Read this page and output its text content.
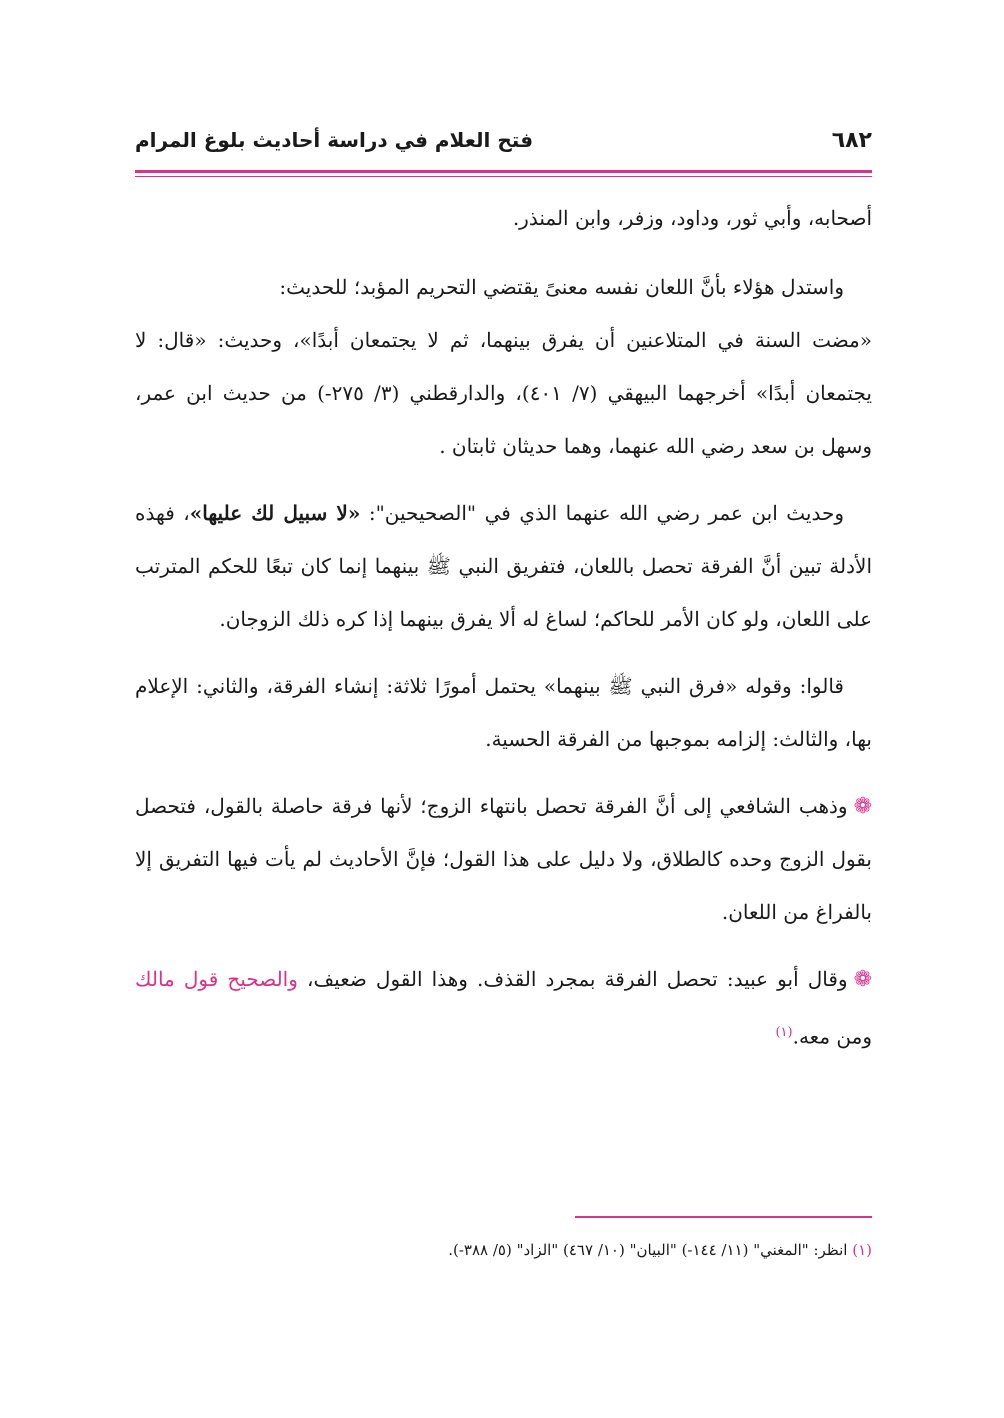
٦٨٢
فتح العلام في دراسة أحاديث بلوغ المرام

أصحابه، وأبي ثور، وداود، وزفر، وابن المنذر.

واستدل هؤلاء بأنَّ اللعان نفسه معنىً يقتضي التحريم المؤبد؛ للحديث:
«مضت السنة في المتلاعنين أن يفرق بينهما، ثم لا يجتمعان أبدًا»، وحديث: «قال: لا يجتمعان أبدًا» أخرجهما البيهقي (٧/ ٤٠١)، والدارقطني (٣/ ٢٧٥-) من حديث ابن عمر، وسهل بن سعد رضي الله عنهما، وهما حديثان ثابتان .

وحديث ابن عمر رضي الله عنهما الذي في "الصحيحين": «لا سبيل لك عليها»، فهذه الأدلة تبين أنَّ الفرقة تحصل باللعان، فتفريق النبي ﷺ بينهما إنما كان تبعًا للحكم المترتب على اللعان، ولو كان الأمر للحاكم؛ لساغ له ألا يفرق بينهما إذا كره ذلك الزوجان.

قالوا: وقوله «فرق النبي ﷺ بينهما» يحتمل أمورًا ثلاثة: إنشاء الفرقة، والثاني: الإعلام بها، والثالث: إلزامه بموجبها من الفرقة الحسية.

❁وذهب الشافعي إلى أنَّ الفرقة تحصل بانتهاء الزوج؛ لأنها فرقة حاصلة بالقول، فتحصل بقول الزوج وحده كالطلاق، ولا دليل على هذا القول؛ فإنَّ الأحاديث لم يأت فيها التفريق إلا بالفراغ من اللعان.

❁وقال أبو عبيد: تحصل الفرقة بمجرد القذف. وهذا القول ضعيف، والصحيح قول مالك ومن معه.$^{(١)}$

(١) انظر: "المغني" (١١/ ١٤٤-) "البيان" (١٠/ ٤٦٧) "الزاد" (٥/ ٣٨٨-).
